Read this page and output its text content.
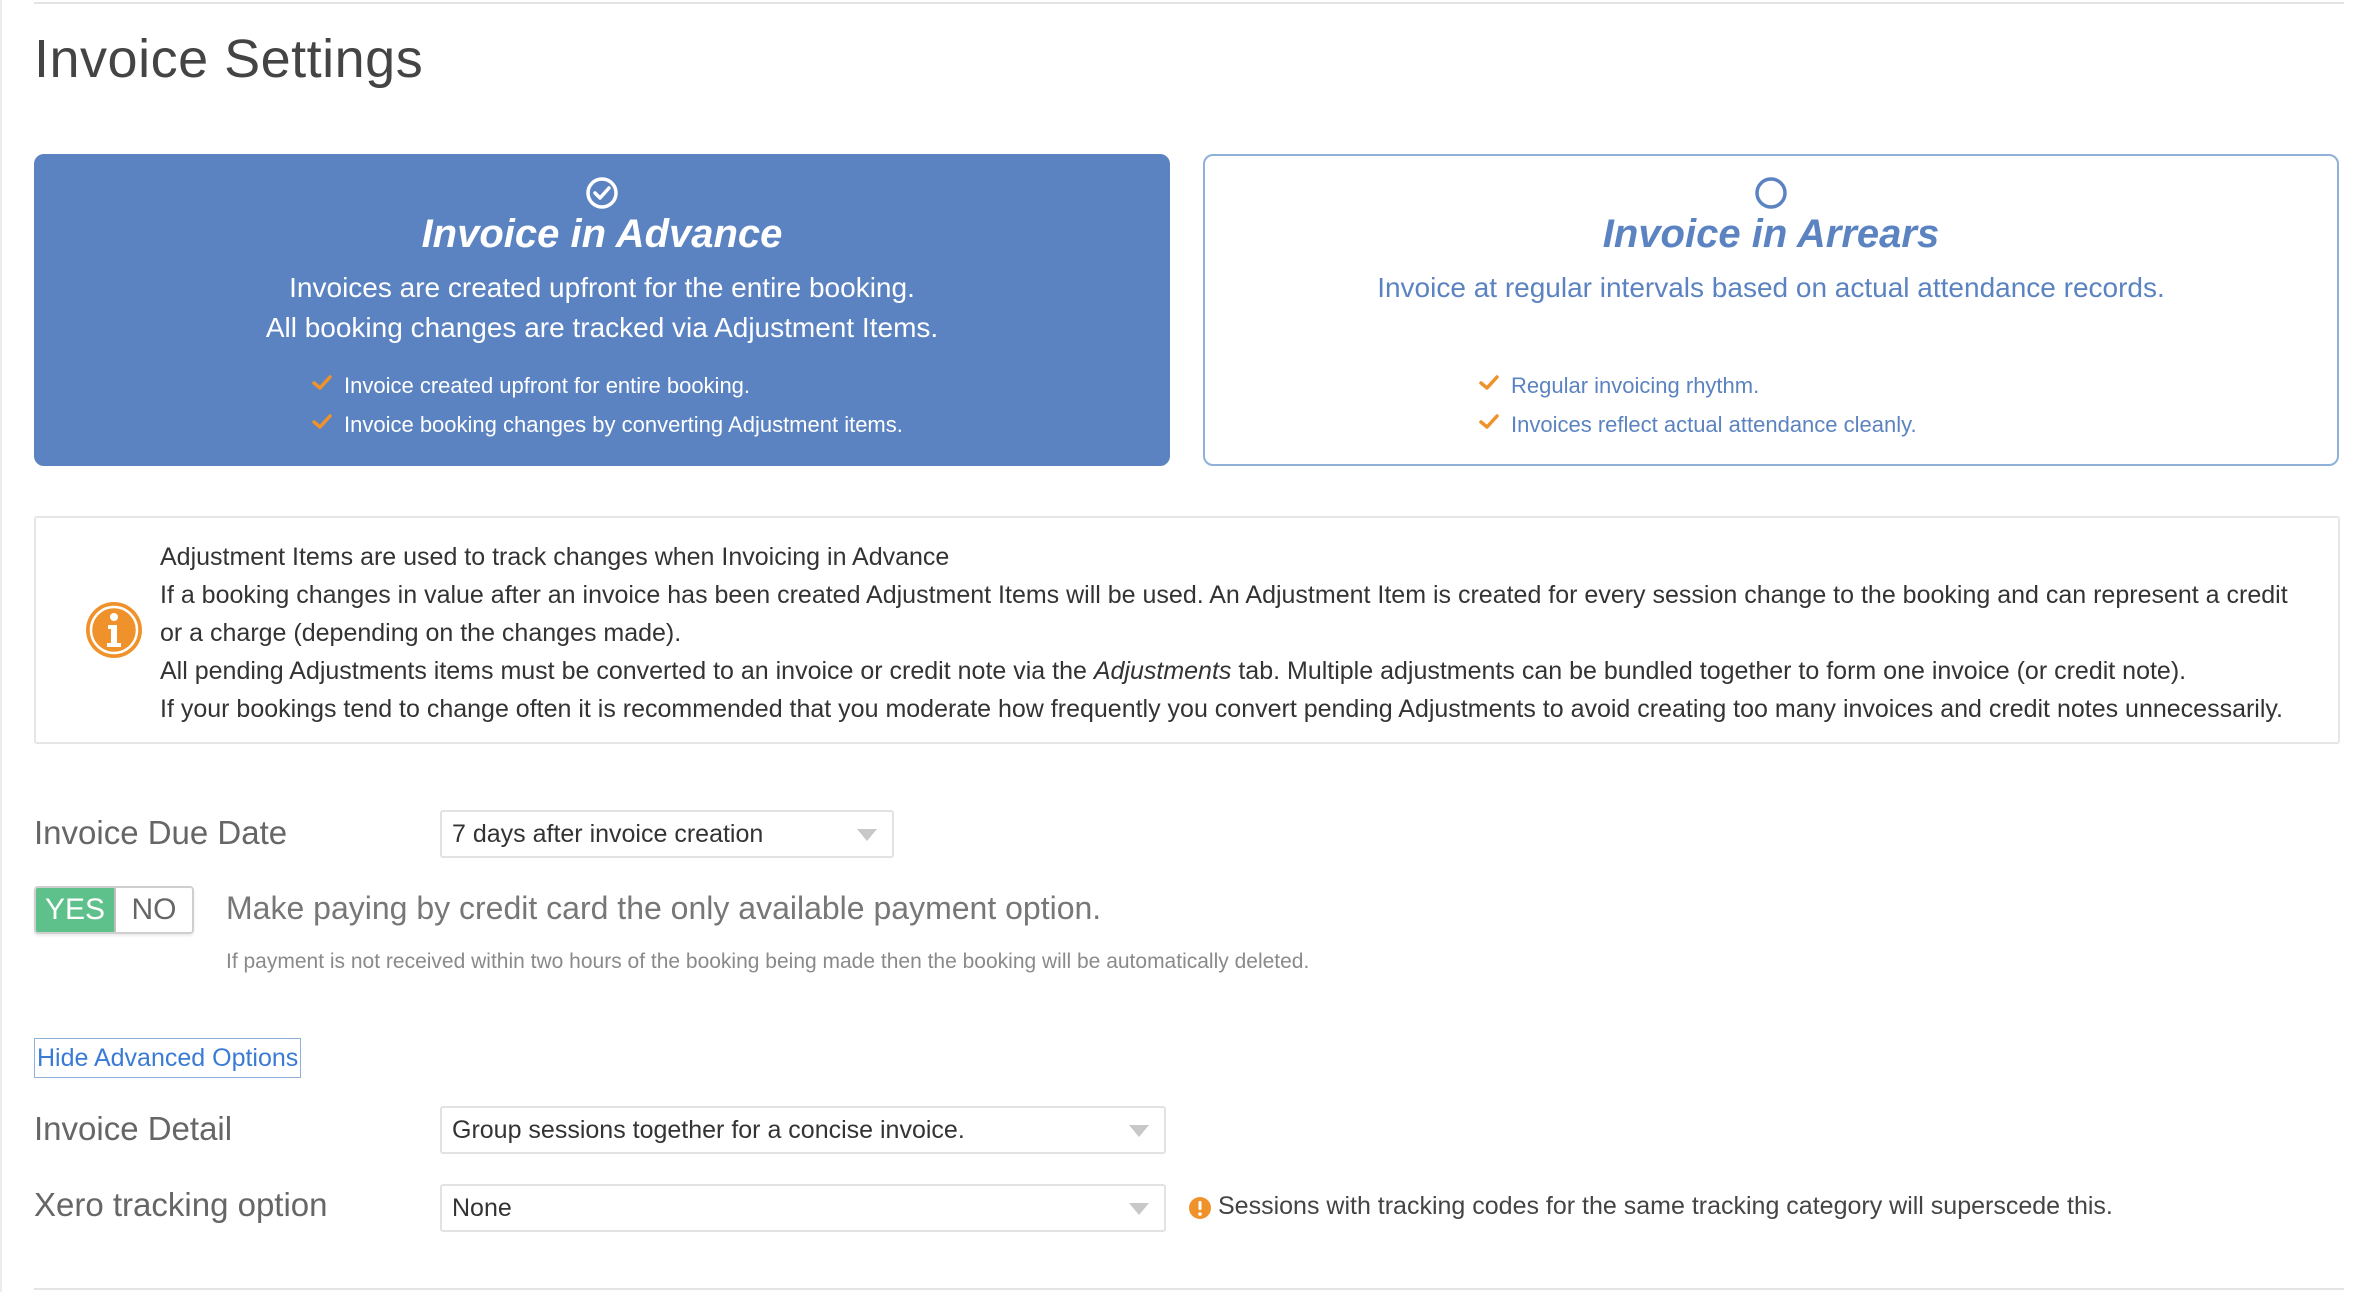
Invoice Settings
Invoice in Advance
Invoices are created upfront for the entire booking.
All booking changes are tracked via Adjustment Items.
Invoice created upfront for entire booking.
Invoice booking changes by converting Adjustment items.
Invoice in Arrears
Invoice at regular intervals based on actual attendance records.
Regular invoicing rhythm.
Invoices reflect actual attendance cleanly.

Adjustment Items are used to track changes when Invoicing in Advance

If a booking changes in value after an invoice has been created Adjustment Items will be used. An Adjustment Item is created for every session change to the booking and can represent a credit or a charge (depending on the changes made).

All pending Adjustments items must be converted to an invoice or credit note via the Adjustments tab. Multiple adjustments can be bundled together to form one invoice (or credit note).

If your bookings tend to change often it is recommended that you moderate how frequently you convert pending Adjustments to avoid creating too many invoices and credit notes unnecessarily.

Invoice Due Date	7 days after invoice creation
YES NO	Make paying by credit card the only available payment option.
If payment is not received within two hours of the booking being made then the booking will be automatically deleted.
Hide Advanced Options
Invoice Detail	Group sessions together for a concise invoice.
Xero tracking option	None	Sessions with tracking codes for the same tracking category will superscede this.
